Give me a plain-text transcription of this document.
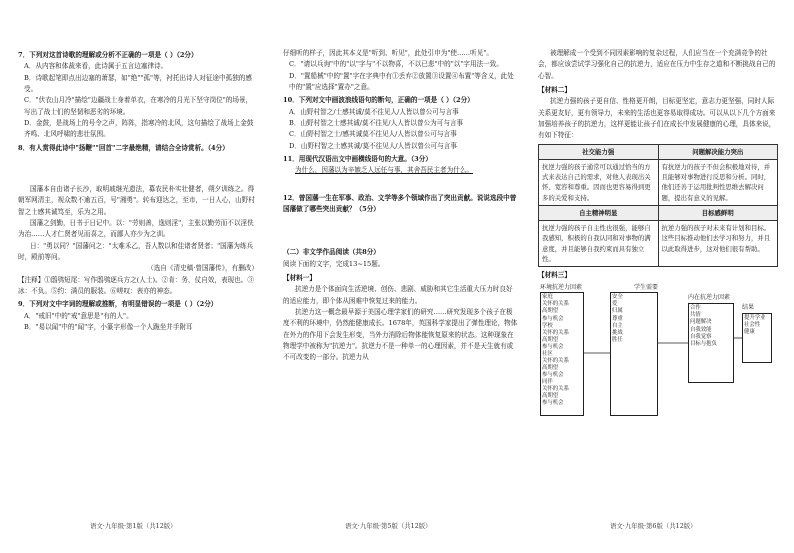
7．下列对这首诗歌的理解或分析不正确的一项是（ ）（2分）
A．从内容和体裁来看，此诗属于五言边塞律诗。
B．诗歌起笔即点出边塞的萧瑟，如"绝""孤"等，衬托出诗人对征途中孤独的感受。
C．"伏衣山月冷"描绘"边疆战士身着单衣，在寒冷的月光下坚守岗位"的场景，写出了战士们的坚韧和恶劣的环境。
D．金鼓，是战场上的号令之声，阵阵，指寒冷的北风，这句描绘了战场上金鼓齐鸣、北风呼啸的悲壮氛围。
8．有人赏得此诗中"扬鞭""回首"二字最绝精，请结合全诗赏析。（4分）
国藩本自由诸子长沙，取明戚继光遗法，募农民朴实壮健者，朔夕训练之。得朝军网清主，视众数不逾五百，号"湘勇"。转布迎达之，至市，一日人心，山野村智之士感其诚笃至，乐为之用。
国藩之剑勤，日书于日记中。以："劳则善，逸则淫"，主张以勤劳而不以淫佚为治……人才仁贤者见而喜之，而鄙人亦少为之训。
日："勇以同？"国藩问之："太难禾乙，吾人数以和佳诸者贤者；"国藩为练兵时，殿前等问。
（选自《清史稿·曾国藩传》，有删改）
【注释】①鸱鸮短尾：写作鸱鸮逐兵方之(人士)。②肯：务，仗自效，表现也。③冰：不负。⑤约：满员的服装。⑥嗟叹：表亦的神态。
9．下列对文中字词的理解或推断，有明显错误的一项是（ ）（2分）
A．"戒旧"中的"戒"意思是"有的人"。
B．"易以闻"中的"闻"字，小篆字形像一个人跪坐并手附耳
仔细听的样子，因此其本义是"听到、听见"，此处引申为"使……听见"。
C．"请以兵询"中的"以"字与"不以物喜，不以已悲"中的"以"字用法一致。
D．"置船械"中的"置"字在字典中有①丢弃②放置③设置④布置"等含义，此处中的"置"应选择"置办"之意。
10．下列对文中画波浪线语句的断句，正确的一项是（ ）（2分）
A．山野村智之/士感其诚/莫不往见人/人皆以曾公可与言事
B．山野村智之士感其诚/莫不往见/人人皆以曾公为可与言事
C．山野村智之士/感其诚莫不往见人/人皆以曾公可与言事
D．山野村智之士感其诚/莫不往见人/人皆以曾公可与言事
11．用现代汉语出文中画横线语句的大意。（3分）
为什么，因藩以为辛嫉乏人远任与事，其舍吾民主者为什么。
12．曾国藩一生在军事、政治、文学等多个领域作出了突出贡献。说说选段中曾国藩做了哪些突出贡献？（5分）
（二）非文学作品阅读（共8分）
阅读下面的文字，完成13~15题。
【材料一】
抗逆力是个体面向生活逆境、创伤、悲剧、威胁和其它生活重大压力时良好的适应能力，即个体从困难中恢复过来的能力。
抗逆力这一概念最早源于美国心理学家们的研究……研究发现多个孩子在极度不利的环境中，仍然能健康成长。1678年，英国科学家提出了弹性理论，物体在外力的作用下会发生形变，当外力消除后物体能恢复原来的状态。这种现象在物理学中被称为"抗逆力"。抗逆力不是一种单一的心理因素，并不是天生就有或不可改变的一部分。抗逆力从
被理解成一个受到不同因素影响的复杂过程，人们应当在一个充满竞争的社会，都应该尝试学习强化自己的抗逆力，适应在压力中生存之道和不断挑战自己的心智。
【材料二】
抗逆力强的孩子更自信、性格更开朗，目标更坚定，意志力更坚强，同时人际关系更友好，更有领导力，未来的生活也更容易取得成功。可以从以下几个方面来加强培养孩子的抗逆力，这样更能让孩子们在成长中发展健康的心理，具体来说，有如下特征：
社交能力强	问题解决能力突出
抗逆力强的孩子通常可以通过恰当的方式来表达自己的需求，对他人表现出关怀、宽容和尊重。因而也更容易得到更多的关爱和支持。	有抗逆力的孩子不但会积极地对待，并且能够对事物进行反思和分析。同时，他们还善于运用批判性思维去解决问题，提出有意义的见解。
自主精神明显	目标感鲜明
抗逆力强的孩子自主性也很强，能够自我感知，积极的自我认同和对事物的满意度，并且能够自我约束而具有独立性。	抗逆力强的孩子对未来有计划和目标。这些目标推动他们去学习和努力，并且以此取得进步，这对他们很有帮助。
【材料三】
环境抗逆力因素	学生需要
内在抗逆力因素
结果
家庭
关怀的关系
高期望
参与机会
学校
关怀的关系
高期望
参与机会
社区
关怀的关系
高期望
参与机会
同伴
关怀的关系
高期望
参与机会
安全
爱
归属
尊重
自主
挑战
胜任
合作
共情
问题解决
自我效能
自我觉察
目标与抱负
提升学业
社会性
健康
语文·九年级·第1版（共12版）	语文·九年级·第5版（共12版）	语文·九年级·第6版（共12版）
